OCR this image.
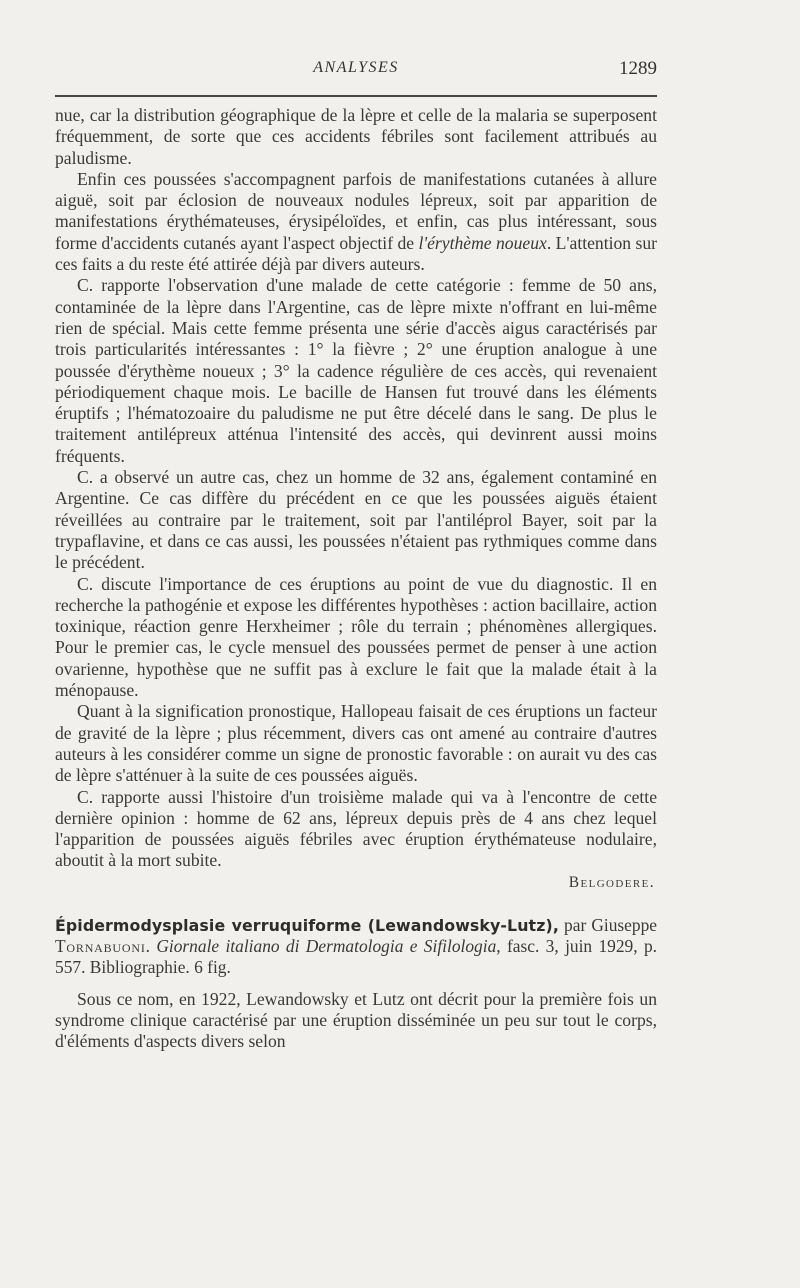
ANALYSES	1289

nue, car la distribution géographique de la lèpre et celle de la malaria se superposent fréquemment, de sorte que ces accidents fébriles sont facilement attribués au paludisme.

Enfin ces poussées s'accompagnent parfois de manifestations cutanées à allure aiguë, soit par éclosion de nouveaux nodules lépreux, soit par apparition de manifestations érythémateuses, érysipéloïdes, et enfin, cas plus intéressant, sous forme d'accidents cutanés ayant l'aspect objectif de l'érythème noueux. L'attention sur ces faits a du reste été attirée déjà par divers auteurs.

C. rapporte l'observation d'une malade de cette catégorie : femme de 50 ans, contaminée de la lèpre dans l'Argentine, cas de lèpre mixte n'offrant en lui-même rien de spécial. Mais cette femme présenta une série d'accès aigus caractérisés par trois particularités intéressantes : 1° la fièvre ; 2° une éruption analogue à une poussée d'érythème noueux ; 3° la cadence régulière de ces accès, qui revenaient périodiquement chaque mois. Le bacille de Hansen fut trouvé dans les éléments éruptifs ; l'hématozoaire du paludisme ne put être décelé dans le sang. De plus le traitement antilépreux atténua l'intensité des accès, qui devinrent aussi moins fréquents.

C. a observé un autre cas, chez un homme de 32 ans, également contaminé en Argentine. Ce cas diffère du précédent en ce que les poussées aiguës étaient réveillées au contraire par le traitement, soit par l'antiléprol Bayer, soit par la trypaflavine, et dans ce cas aussi, les poussées n'étaient pas rythmiques comme dans le précédent.

C. discute l'importance de ces éruptions au point de vue du diagnostic. Il en recherche la pathogénie et expose les différentes hypothèses : action bacillaire, action toxinique, réaction genre Herxheimer ; rôle du terrain ; phénomènes allergiques. Pour le premier cas, le cycle mensuel des poussées permet de penser à une action ovarienne, hypothèse que ne suffit pas à exclure le fait que la malade était à la ménopause.

Quant à la signification pronostique, Hallopeau faisait de ces éruptions un facteur de gravité de la lèpre ; plus récemment, divers cas ont amené au contraire d'autres auteurs à les considérer comme un signe de pronostic favorable : on aurait vu des cas de lèpre s'atténuer à la suite de ces poussées aiguës.

C. rapporte aussi l'histoire d'un troisième malade qui va à l'encontre de cette dernière opinion : homme de 62 ans, lépreux depuis près de 4 ans chez lequel l'apparition de poussées aiguës fébriles avec éruption érythémateuse nodulaire, aboutit à la mort subite.

Belgodere.

Épidermodysplasie verruquiforme (Lewandowsky-Lutz), par Giuseppe Tornabuoni. Giornale italiano di Dermatologia e Sifilologia, fasc. 3, juin 1929, p. 557. Bibliographie. 6 fig.

Sous ce nom, en 1922, Lewandowsky et Lutz ont décrit pour la première fois un syndrome clinique caractérisé par une éruption disséminée un peu sur tout le corps, d'éléments d'aspects divers selon
